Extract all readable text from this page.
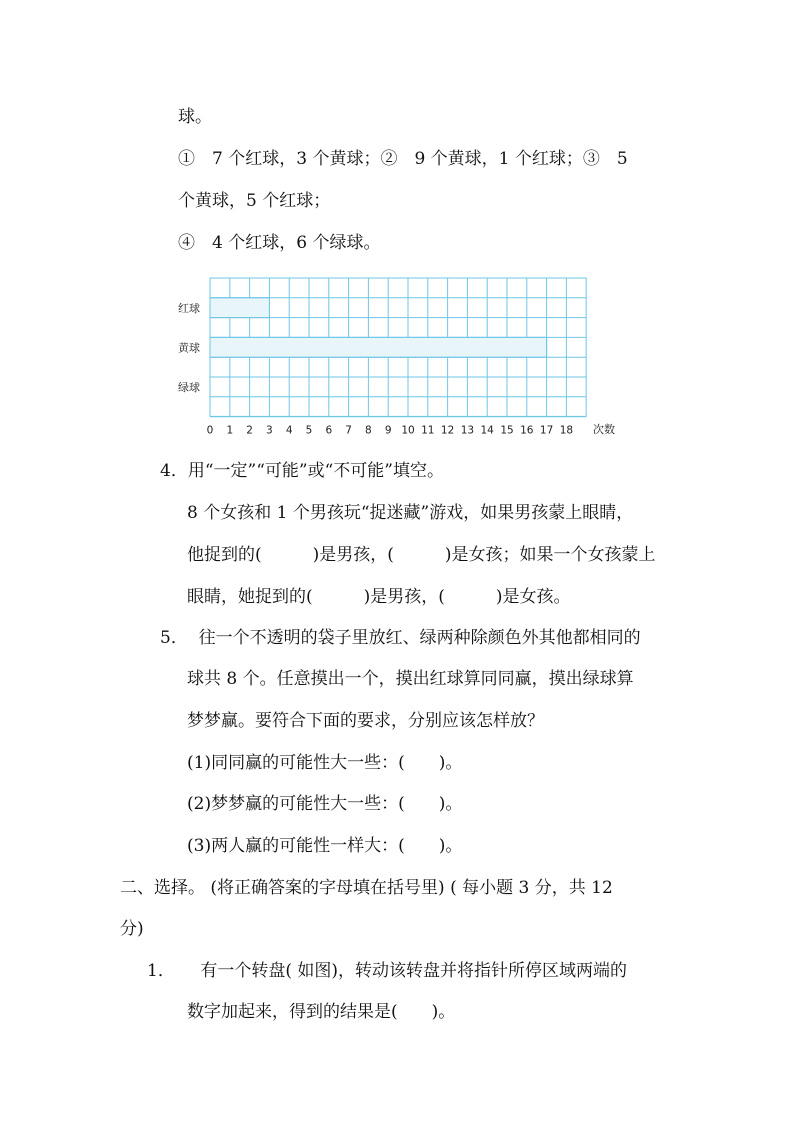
球。
①　7 个红球，3 个黄球；②　9 个黄球，1 个红球；③　5
个黄球，5 个红球；
④　4 个红球，6 个绿球。
红球
黄球
绿球
0 1 2 3 4 5 6 7 8 9 10 11 12 13 14 15 16 17 18 次数
4．用“一定”“可能”或“不可能”填空。
8 个女孩和 1 个男孩玩“捉迷藏”游戏，如果男孩蒙上眼睛，
他捉到的(　　　)是男孩，(　　　)是女孩；如果一个女孩蒙上
眼睛，她捉到的(　　　)是男孩，(　　　)是女孩。
5．  往一个不透明的袋子里放红、绿两种除颜色外其他都相同的
球共 8 个。任意摸出一个，摸出红球算同同赢，摸出绿球算
梦梦赢。要符合下面的要求，分别应该怎样放？
(1)同同赢的可能性大一些：(　　)。
(2)梦梦赢的可能性大一些：(　　)。
(3)两人赢的可能性一样大：(　　)。
二、选择。 (将正确答案的字母填在括号里) ( 每小题 3 分，共 12
分)
1．　　有一个转盘( 如图)，转动该转盘并将指针所停区域两端的
数字加起来，得到的结果是(　　)。
